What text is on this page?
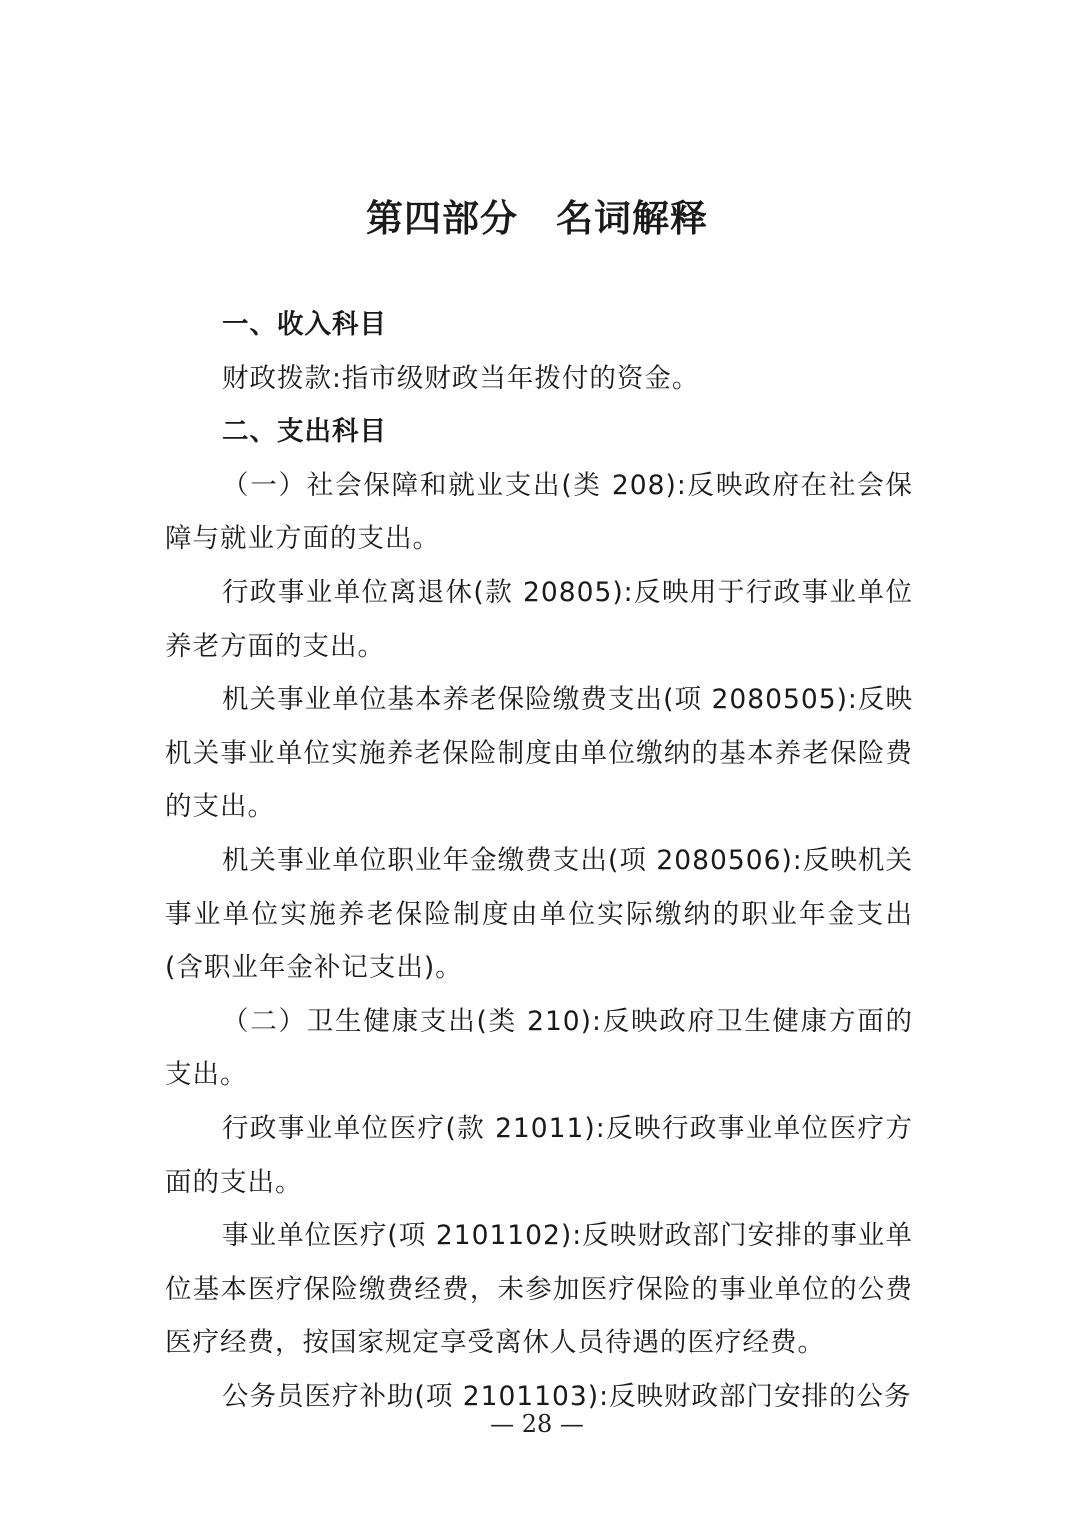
第四部分　名词解释

一、收入科目

财政拨款:指市级财政当年拨付的资金。

二、支出科目

（一）社会保障和就业支出(类 208):反映政府在社会保障与就业方面的支出。

行政事业单位离退休(款 20805):反映用于行政事业单位养老方面的支出。

机关事业单位基本养老保险缴费支出(项 2080505):反映机关事业单位实施养老保险制度由单位缴纳的基本养老保险费的支出。

机关事业单位职业年金缴费支出(项 2080506):反映机关事业单位实施养老保险制度由单位实际缴纳的职业年金支出(含职业年金补记支出)。

（二）卫生健康支出(类 210):反映政府卫生健康方面的支出。

行政事业单位医疗(款 21011):反映行政事业单位医疗方面的支出。

事业单位医疗(项 2101102):反映财政部门安排的事业单位基本医疗保险缴费经费，未参加医疗保险的事业单位的公费医疗经费，按国家规定享受离休人员待遇的医疗经费。

公务员医疗补助(项 2101103):反映财政部门安排的公务

— 28 —
